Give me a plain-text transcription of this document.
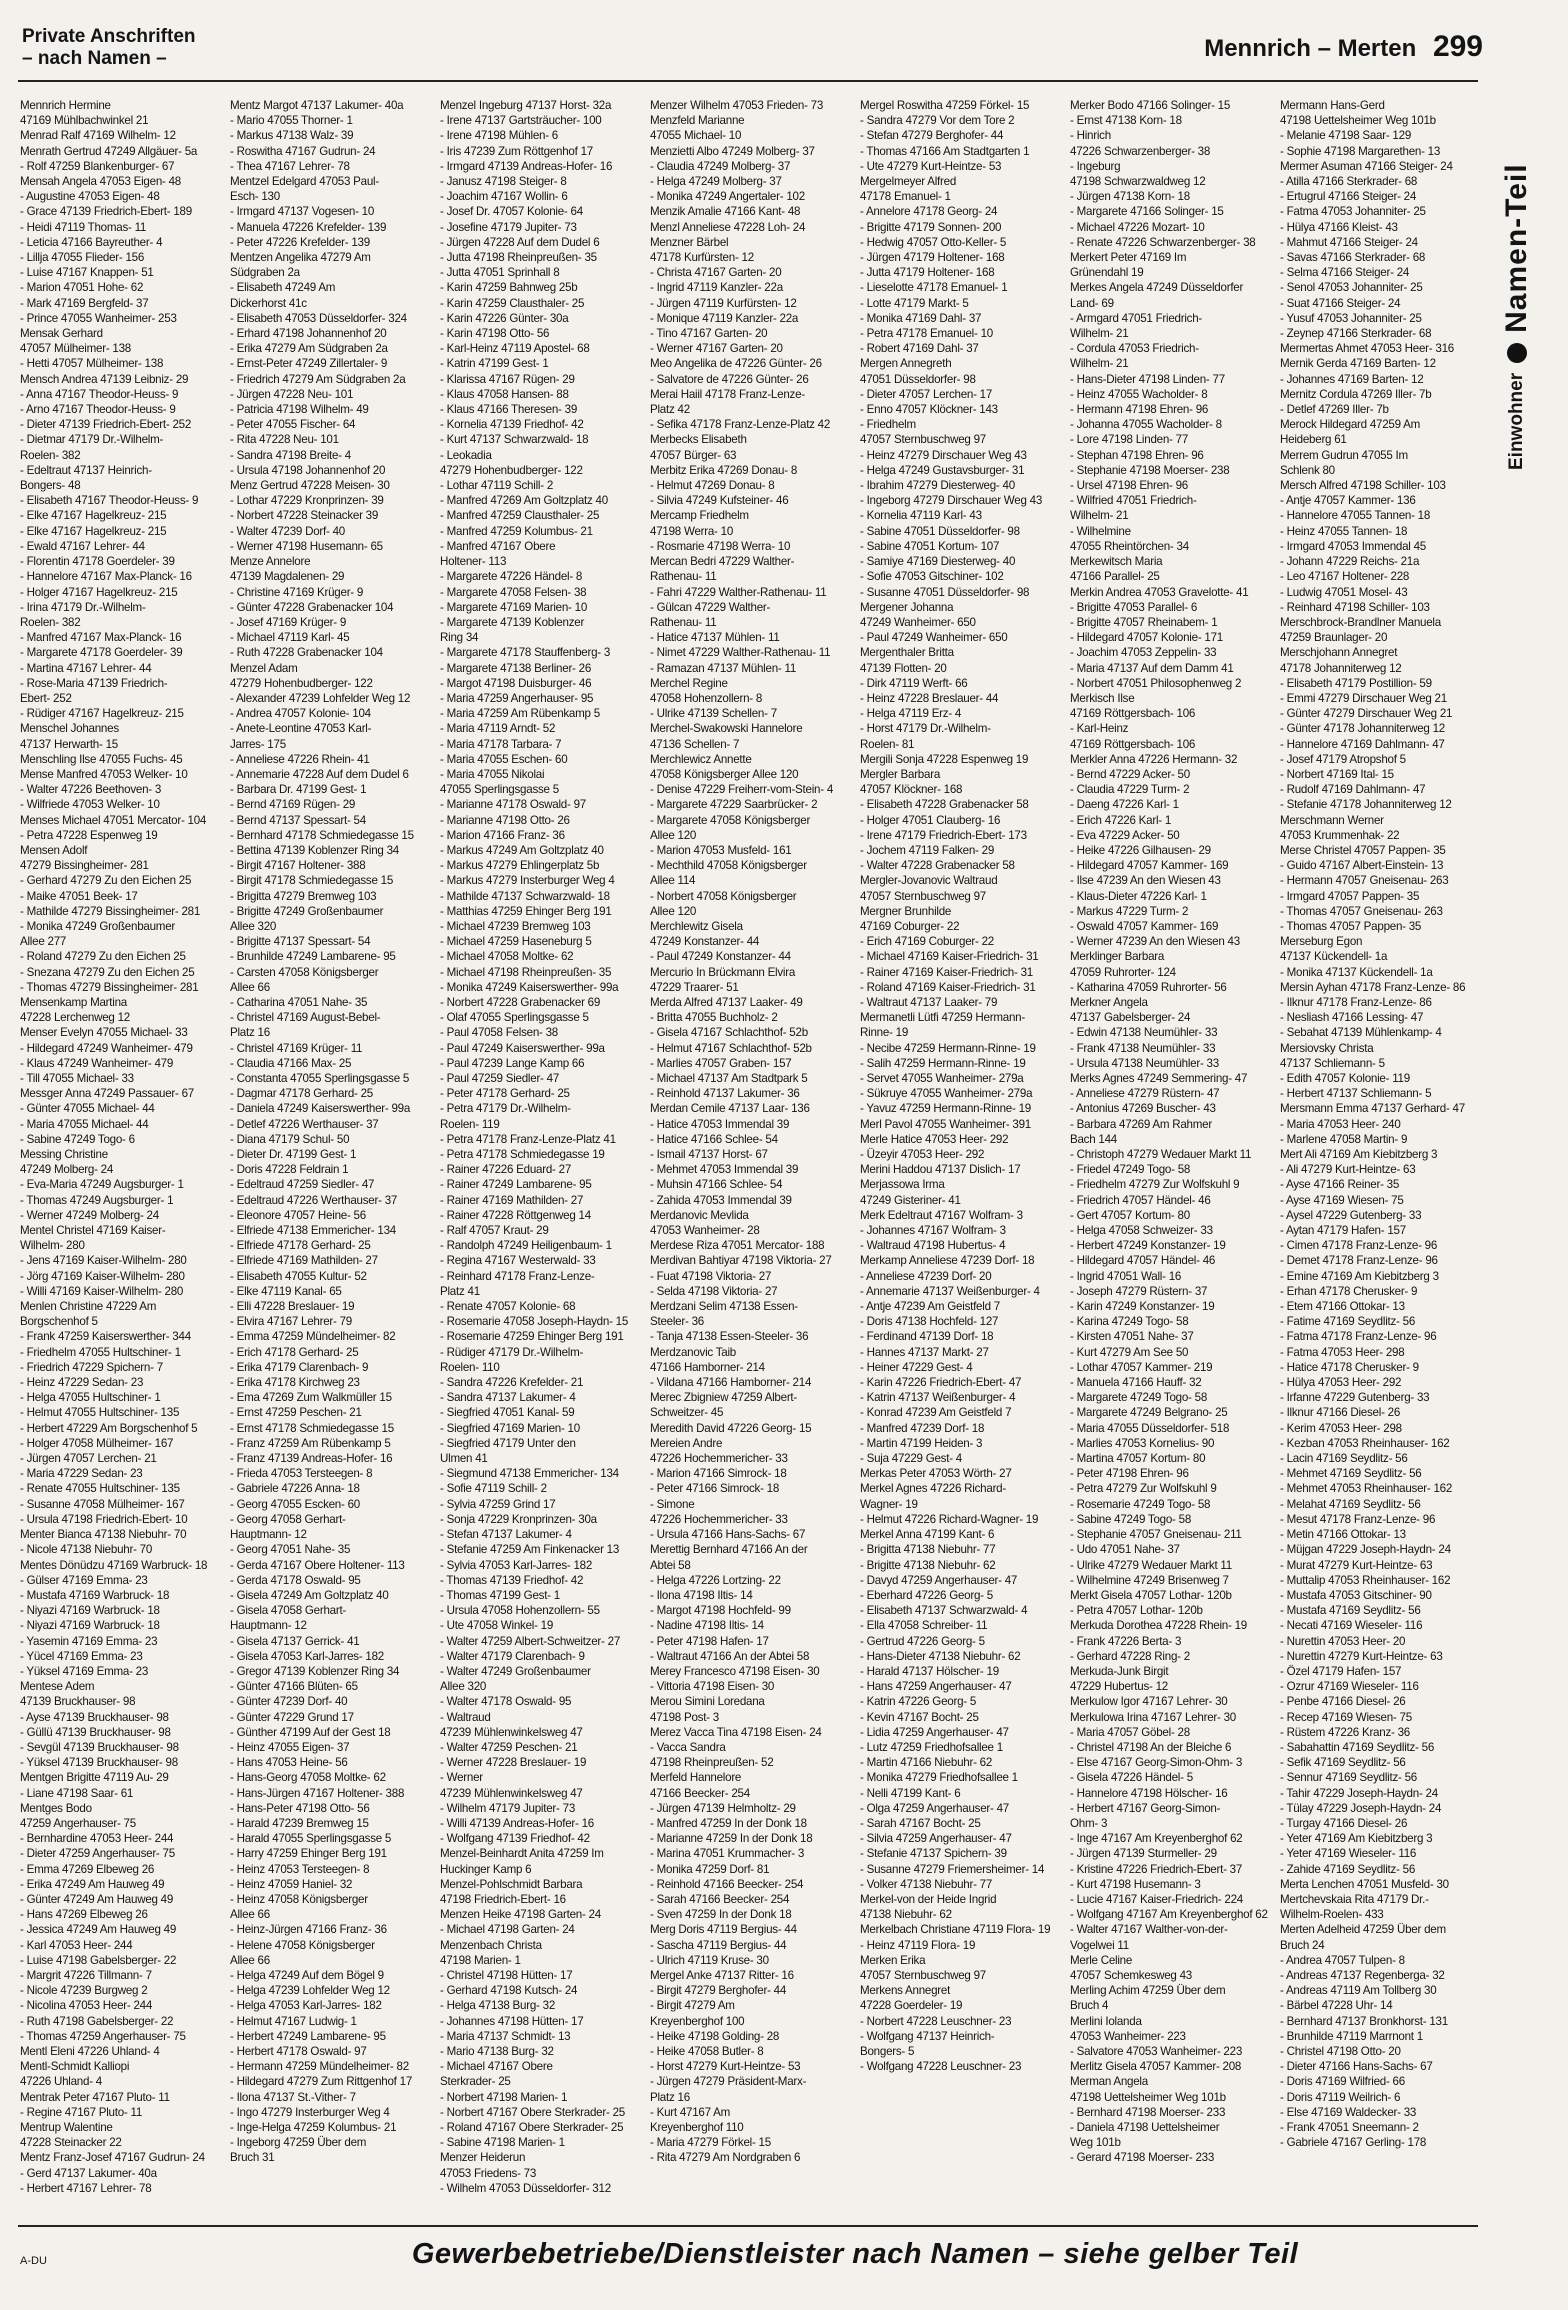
Private Anschriften
– nach Namen –	Mennrich – Merten 299
Mennrich Hermine
47169 Mühlbachwinkel 21
Menrad Ralf 47169 Wilhelm- 12
Menrath Gertrud 47249 Allgäuer- 5a
- Rolf 47259 Blankenburger- 67
Mensah Angela 47053 Eigen- 48
- Augustine 47053 Eigen- 48
- Grace 47139 Friedrich-Ebert- 189
- Heidi 47119 Thomas- 11
- Leticia 47166 Bayreuther- 4
- Lillja 47055 Flieder- 156
- Luise 47167 Knappen- 51
- Marion 47051 Hohe- 62
- Mark 47169 Bergfeld- 37
- Prince 47055 Wanheimer- 253
Mensak Gerhard
47057 Mülheimer- 138
- Hetti 47057 Mülheimer- 138
Mensch Andrea 47139 Leibniz- 29
- Anna 47167 Theodor-Heuss- 9
- Arno 47167 Theodor-Heuss- 9
- Dieter 47139 Friedrich-Ebert- 252
- Dietmar 47179 Dr.-Wilhelm-
Roelen- 382
- Edeltraut 47137 Heinrich-
Bongers- 48
- Elisabeth 47167 Theodor-Heuss- 9
- Elke 47167 Hagelkreuz- 215
- Elke 47167 Hagelkreuz- 215
- Ewald 47167 Lehrer- 44
- Florentin 47178 Goerdeler- 39
- Hannelore 47167 Max-Planck- 16
- Holger 47167 Hagelkreuz- 215
- Irina 47179 Dr.-Wilhelm-
Roelen- 382
- Manfred 47167 Max-Planck- 16
- Margarete 47178 Goerdeler- 39
- Martina 47167 Lehrer- 44
- Rose-Maria 47139 Friedrich-
Ebert- 252
- Rüdiger 47167 Hagelkreuz- 215
Menschel Johannes
47137 Herwarth- 15
Menschling Ilse 47055 Fuchs- 45
Mense Manfred 47053 Welker- 10
- Walter 47226 Beethoven- 3
- Wilfriede 47053 Welker- 10
Menses Michael 47051 Mercator- 104
- Petra 47228 Espenweg 19
Mensen Adolf
47279 Bissingheimer- 281
- Gerhard 47279 Zu den Eichen 25
- Maike 47051 Beek- 17
- Mathilde 47279 Bissingheimer- 281
- Monika 47249 Großenbaumer
Allee 277
- Roland 47279 Zu den Eichen 25
- Snezana 47279 Zu den Eichen 25
- Thomas 47279 Bissingheimer- 281
Mensenkamp Martina
47228 Lerchenweg 12
Menser Evelyn 47055 Michael- 33
- Hildegard 47249 Wanheimer- 479
- Klaus 47249 Wanheimer- 479
- Till 47055 Michael- 33
Messger Anna 47249 Passauer- 67
- Günter 47055 Michael- 44
- Maria 47055 Michael- 44
- Sabine 47249 Togo- 6
Messing Christine
47249 Molberg- 24
- Eva-Maria 47249 Augsburger- 1
- Thomas 47249 Augsburger- 1
- Werner 47249 Molberg- 24
Mentel Christel 47169 Kaiser-
Wilhelm- 280
- Jens 47169 Kaiser-Wilhelm- 280
- Jörg 47169 Kaiser-Wilhelm- 280
- Willi 47169 Kaiser-Wilhelm- 280
Menlen Christine 47229 Am
Borgschenhof 5
- Frank 47259 Kaiserswerther- 344
- Friedhelm 47055 Hultschiner- 1
- Friedrich 47229 Spichern- 7
- Heinz 47229 Sedan- 23
- Helga 47055 Hultschiner- 1
- Helmut 47055 Hultschiner- 135
- Herbert 47229 Am Borgschenhof 5
- Holger 47058 Mülheimer- 167
- Jürgen 47057 Lerchen- 21
- Maria 47229 Sedan- 23
- Renate 47055 Hultschiner- 135
- Susanne 47058 Mülheimer- 167
- Ursula 47198 Friedrich-Ebert- 10
Menter Bianca 47138 Niebuhr- 70
- Nicole 47138 Niebuhr- 70
Mentes Dönüdzu 47169 Warbruck- 18
- Gülser 47169 Emma- 23
- Mustafa 47169 Warbruck- 18
- Niyazi 47169 Warbruck- 18
- Niyazi 47169 Warbruck- 18
- Yasemin 47169 Emma- 23
- Yücel 47169 Emma- 23
- Yüksel 47169 Emma- 23
Mentese Adem
47139 Bruckhauser- 98
- Ayse 47139 Bruckhauser- 98
- Güllü 47139 Bruckhauser- 98
- Sevgül 47139 Bruckhauser- 98
- Yüksel 47139 Bruckhauser- 98
Mentgen Brigitte 47119 Au- 29
- Liane 47198 Saar- 61
Mentges Bodo
47259 Angerhauser- 75
- Bernhardine 47053 Heer- 244
- Dieter 47259 Angerhauser- 75
- Emma 47269 Elbeweg 26
- Erika 47249 Am Hauweg 49
- Günter 47249 Am Hauweg 49
- Hans 47269 Elbeweg 26
- Jessica 47249 Am Hauweg 49
- Karl 47053 Heer- 244
- Luise 47198 Gabelsberger- 22
- Margrit 47226 Tillmann- 7
- Nicole 47239 Burgweg 2
- Nicolina 47053 Heer- 244
- Ruth 47198 Gabelsberger- 22
- Thomas 47259 Angerhauser- 75
Mentl Eleni 47226 Uhland- 4
Mentl-Schmidt Kalliopi
47226 Uhland- 4
Mentrak Peter 47167 Pluto- 11
- Regine 47167 Pluto- 11
Mentrup Walentine
47228 Steinacker 22
Mentz Franz-Josef 47167 Gudrun- 24
- Gerd 47137 Lakumer- 40a
- Herbert 47167 Lehrer- 78
Mentz Margot 47137 Lakumer- 40a
- Mario 47055 Thorner- 1
- Markus 47138 Walz- 39
- Roswitha 47167 Gudrun- 24
- Thea 47167 Lehrer- 78
Mentzel Edelgard 47053 Paul-
Esch- 130
- Irmgard 47137 Vogesen- 10
- Manuela 47226 Krefelder- 139
- Peter 47226 Krefelder- 139
Mentzen Angelika 47279 Am
Südgraben 2a
- Elisabeth 47249 Am
Dickerhorst 41c
- Elisabeth 47053 Düsseldorfer- 324
- Erhard 47198 Johannenhof 20
- Erika 47279 Am Südgraben 2a
- Ernst-Peter 47249 Zillertaler- 9
- Friedrich 47279 Am Südgraben 2a
- Jürgen 47228 Neu- 101
- Patricia 47198 Wilhelm- 49
- Peter 47055 Fischer- 64
- Rita 47228 Neu- 101
- Sandra 47198 Breite- 4
- Ursula 47198 Johannenhof 20
Menz Gertrud 47228 Meisen- 30
- Lothar 47229 Kronprinzen- 39
- Norbert 47228 Steinacker 39
- Walter 47239 Dorf- 40
- Werner 47198 Husemann- 65
Menze Annelore
47139 Magdalenen- 29
- Christine 47169 Krüger- 9
- Günter 47228 Grabenacker 104
- Josef 47169 Krüger- 9
- Michael 47119 Karl- 45
- Ruth 47228 Grabenacker 104
Menzel Adam
47279 Hohenbudberger- 122
- Alexander 47239 Lohfelder Weg 12
- Andrea 47057 Kolonie- 104
- Anete-Leontine 47053 Karl-
Jarres- 175
- Anneliese 47226 Rhein- 41
- Annemarie 47228 Auf dem Dudel 6
- Barbara Dr. 47199 Gest- 1
- Bernd 47169 Rügen- 29
- Bernd 47137 Spessart- 54
- Bernhard 47178 Schmiedegasse 15
- Bettina 47139 Koblenzer Ring 34
- Birgit 47167 Holtener- 388
- Birgit 47178 Schmiedegasse 15
- Brigitta 47279 Bremweg 103
- Brigitte 47249 Großenbaumer
Allee 320
- Brigitte 47137 Spessart- 54
- Brunhilde 47249 Lambarene- 95
- Carsten 47058 Königsberger
Allee 66
- Catharina 47051 Nahe- 35
- Christel 47169 August-Bebel-
Platz 16
- Christel 47169 Krüger- 11
- Claudia 47166 Max- 25
- Constanta 47055 Sperlingsgasse 5
- Dagmar 47178 Gerhard- 25
- Daniela 47249 Kaiserswerther- 99a
- Detlef 47226 Werthauser- 37
- Diana 47179 Schul- 50
- Dieter Dr. 47199 Gest- 1
- Doris 47228 Feldrain 1
- Edeltraud 47259 Siedler- 47
- Edeltraud 47226 Werthauser- 37
- Eleonore 47057 Heine- 56
- Elfriede 47138 Emmericher- 134
- Elfriede 47178 Gerhard- 25
- Elfriede 47169 Mathilden- 27
- Elisabeth 47055 Kultur- 52
- Elke 47119 Kanal- 65
- Elli 47228 Breslauer- 19
- Elvira 47167 Lehrer- 79
- Emma 47259 Mündelheimer- 82
- Erich 47178 Gerhard- 25
- Erika 47179 Clarenbach- 9
- Erika 47178 Kirchweg 23
- Ema 47269 Zum Walkmüller 15
- Ernst 47259 Peschen- 21
- Ernst 47178 Schmiedegasse 15
- Franz 47259 Am Rübenkamp 5
- Franz 47139 Andreas-Hofer- 16
- Frieda 47053 Tersteegen- 8
- Gabriele 47226 Anna- 18
- Georg 47055 Escken- 60
- Georg 47058 Gerhart-
Hauptmann- 12
- Georg 47051 Nahe- 35
- Gerda 47167 Obere Holtener- 113
- Gerda 47178 Oswald- 95
- Gisela 47249 Am Goltzplatz 40
- Gisela 47058 Gerhart-
Hauptmann- 12
- Gisela 47137 Gerrick- 41
- Gisela 47053 Karl-Jarres- 182
- Gregor 47139 Koblenzer Ring 34
- Günter 47166 Blüten- 65
- Günter 47239 Dorf- 40
- Günter 47229 Grund 17
- Günther 47199 Auf der Gest 18
- Heinz 47055 Eigen- 37
- Hans 47053 Heine- 56
- Hans-Georg 47058 Moltke- 62
- Hans-Jürgen 47167 Holtener- 388
- Hans-Peter 47198 Otto- 56
- Harald 47239 Bremweg 15
- Harald 47055 Sperlingsgasse 5
- Harry 47259 Ehinger Berg 191
- Heinz 47053 Tersteegen- 8
- Heinz 47059 Haniel- 32
- Heinz 47058 Königsberger
Allee 66
- Heinz-Jürgen 47166 Franz- 36
- Helene 47058 Königsberger
Allee 66
- Helga 47249 Auf dem Bögel 9
- Helga 47239 Lohfelder Weg 12
- Helga 47053 Karl-Jarres- 182
- Helmut 47167 Ludwig- 1
- Herbert 47249 Lambarene- 95
- Herbert 47178 Oswald- 97
- Hermann 47259 Mündelheimer- 82
- Hildegard 47279 Zum Rittgenhof 17
- Ilona 47137 St.-Vither- 7
- Ingo 47279 Insterburger Weg 4
- Inge-Helga 47259 Kolumbus- 21
- Ingeborg 47259 Über dem
Bruch 31
Menzel Ingeburg 47137 Horst- 32a
- Irene 47137 Gartsträucher- 100
- Irene 47198 Mühlen- 6
- Iris 47239 Zum Röttgenhof 17
- Irmgard 47139 Andreas-Hofer- 16
- Janusz 47198 Steiger- 8
- Joachim 47167 Wollin- 6
- Josef Dr. 47057 Kolonie- 64
- Josefine 47179 Jupiter- 73
- Jürgen 47228 Auf dem Dudel 6
- Jutta 47198 Rheinpreußen- 35
- Jutta 47051 Sprinhall 8
- Karin 47259 Bahnweg 25b
- Karin 47259 Clausthaler- 25
- Karin 47226 Günter- 30a
- Karin 47198 Otto- 56
- Karl-Heinz 47119 Apostel- 68
- Katrin 47199 Gest- 1
- Klarissa 47167 Rügen- 29
- Klaus 47058 Hansen- 88
- Klaus 47166 Theresen- 39
- Kornelia 47139 Friedhof- 42
- Kurt 47137 Schwarzwald- 18
- Leokadia
47279 Hohenbudberger- 122
- Lothar 47119 Schill- 2
- Manfred 47269 Am Goltzplatz 40
- Manfred 47259 Clausthaler- 25
- Manfred 47259 Kolumbus- 21
- Manfred 47167 Obere
Holtener- 113
- Margarete 47226 Händel- 8
- Margarete 47058 Felsen- 38
- Margarete 47169 Marien- 10
- Margarete 47139 Koblenzer
Ring 34
- Margarete 47178 Stauffenberg- 3
- Margarete 47138 Berliner- 26
- Margot 47198 Duisburger- 46
- Maria 47259 Angerhauser- 95
- Maria 47259 Am Rübenkamp 5
- Maria 47119 Arndt- 52
- Maria 47178 Tarbara- 7
- Maria 47055 Eschen- 60
- Maria 47055 Nikolai
47055 Sperlingsgasse 5
- Marianne 47178 Oswald- 97
- Marianne 47198 Otto- 26
- Marion 47166 Franz- 36
- Markus 47249 Am Goltzplatz 40
- Markus 47279 Ehlingerplatz 5b
- Markus 47279 Insterburger Weg 4
- Mathilde 47137 Schwarzwald- 18
- Matthias 47259 Ehinger Berg 191
- Michael 47239 Bremweg 103
- Michael 47259 Haseneburg 5
- Michael 47058 Moltke- 62
- Michael 47198 Rheinpreußen- 35
- Monika 47249 Kaiserswerther- 99a
- Norbert 47228 Grabenacker 69
- Olaf 47055 Sperlingsgasse 5
- Paul 47058 Felsen- 38
- Paul 47249 Kaiserswerther- 99a
- Paul 47239 Lange Kamp 66
- Paul 47259 Siedler- 47
- Peter 47178 Gerhard- 25
- Petra 47179 Dr.-Wilhelm-
Roelen- 119
- Petra 47178 Franz-Lenze-Platz 41
- Petra 47178 Schmiedegasse 19
- Rainer 47226 Eduard- 27
- Rainer 47249 Lambarene- 95
- Rainer 47169 Mathilden- 27
- Rainer 47228 Röttgenweg 14
- Ralf 47057 Kraut- 29
- Randolph 47249 Heiligenbaum- 1
- Regina 47167 Westerwald- 33
- Reinhard 47178 Franz-Lenze-
Platz 41
- Renate 47057 Kolonie- 68
- Rosemarie 47058 Joseph-Haydn- 15
- Rosemarie 47259 Ehinger Berg 191
- Rüdiger 47179 Dr.-Wilhelm-
Roelen- 110
- Sandra 47226 Krefelder- 21
- Sandra 47137 Lakumer- 4
- Siegfried 47051 Kanal- 59
- Siegfried 47169 Marien- 10
- Siegfried 47179 Unter den
Ulmen 41
- Siegmund 47138 Emmericher- 134
- Sofie 47119 Schill- 2
- Sylvia 47259 Grind 17
- Sonja 47229 Kronprinzen- 30a
- Stefan 47137 Lakumer- 4
- Stefanie 47259 Am Finkenacker 13
- Sylvia 47053 Karl-Jarres- 182
- Thomas 47139 Friedhof- 42
- Thomas 47199 Gest- 1
- Ursula 47058 Hohenzollern- 55
- Ute 47058 Winkel- 19
- Walter 47259 Albert-Schweitzer- 27
- Walter 47179 Clarenbach- 9
- Walter 47249 Großenbaumer
Allee 320
- Walter 47178 Oswald- 95
- Waltraud
47239 Mühlenwinkelsweg 47
- Walter 47259 Peschen- 21
- Werner 47228 Breslauer- 19
- Werner
47239 Mühlenwinkelsweg 47
- Wilhelm 47179 Jupiter- 73
- Willi 47139 Andreas-Hofer- 16
- Wolfgang 47139 Friedhof- 42
Menzel-Beinhardt Anita 47259 Im
Huckinger Kamp 6
Menzel-Pohlschmidt Barbara
47198 Friedrich-Ebert- 16
Menzen Heike 47198 Garten- 24
- Michael 47198 Garten- 24
Menzenbach Christa
47198 Marien- 1
- Christel 47198 Hütten- 17
- Gerhard 47198 Kutsch- 24
- Helga 47138 Burg- 32
- Johannes 47198 Hütten- 17
- Maria 47137 Schmidt- 13
- Mario 47138 Burg- 32
- Michael 47167 Obere
Sterkrader- 25
- Norbert 47198 Marien- 1
- Norbert 47167 Obere Sterkrader- 25
- Roland 47167 Obere Sterkrader- 25
- Sabine 47198 Marien- 1
Menzer Heiderun
47053 Friedens- 73
- Wilhelm 47053 Düsseldorfer- 312
Menzer Wilhelm 47053 Frieden- 73
Menzfeld Marianne
47055 Michael- 10
Menzietti Albo 47249 Molberg- 37
- Claudia 47249 Molberg- 37
- Helga 47249 Molberg- 37
- Monika 47249 Angertaler- 102
Menzik Amalie 47166 Kant- 48
Menzl Anneliese 47228 Loh- 24
Menzner Bärbel
47178 Kurfürsten- 12
- Christa 47167 Garten- 20
- Ingrid 47119 Kanzler- 22a
- Jürgen 47119 Kurfürsten- 12
- Monique 47119 Kanzler- 22a
- Tino 47167 Garten- 20
- Werner 47167 Garten- 20
Meo Angelika de 47226 Günter- 26
- Salvatore de 47226 Günter- 26
Merai Haiil 47178 Franz-Lenze-
Platz 42
- Sefika 47178 Franz-Lenze-Platz 42
Merbecks Elisabeth
47057 Bürger- 63
Merbitz Erika 47269 Donau- 8
- Helmut 47269 Donau- 8
- Silvia 47249 Kufsteiner- 46
Mercamp Friedhelm
47198 Werra- 10
- Rosmarie 47198 Werra- 10
Mercan Bedri 47229 Walther-
Rathenau- 11
- Fahri 47229 Walther-Rathenau- 11
- Gülcan 47229 Walther-
Rathenau- 11
- Hatice 47137 Mühlen- 11
- Nimet 47229 Walther-Rathenau- 11
- Ramazan 47137 Mühlen- 11
Merchel Regine
47058 Hohenzollern- 8
- Ulrike 47139 Schellen- 7
Merchel-Swakowski Hannelore
47136 Schellen- 7
Merchlewicz Annette
47058 Königsberger Allee 120
- Denise 47229 Freiherr-vom-Stein- 4
- Margarete 47229 Saarbrücker- 2
- Margarete 47058 Königsberger
Allee 120
- Marion 47053 Musfeld- 161
- Mechthild 47058 Königsberger
Allee 114
- Norbert 47058 Königsberger
Allee 120
Merchlewitz Gisela
47249 Konstanzer- 44
- Paul 47249 Konstanzer- 44
Mercurio In Brückmann Elvira
47229 Traarer- 51
Merda Alfred 47137 Laaker- 49
- Britta 47055 Buchholz- 2
- Gisela 47167 Schlachthof- 52b
- Helmut 47167 Schlachthof- 52b
- Marlies 47057 Graben- 157
- Michael 47137 Am Stadtpark 5
- Reinhold 47137 Lakumer- 36
Merdan Cemile 47137 Laar- 136
- Hatice 47053 Immendal 39
- Hatice 47166 Schlee- 54
- Ismail 47137 Horst- 67
- Mehmet 47053 Immendal 39
- Muhsin 47166 Schlee- 54
- Zahida 47053 Immendal 39
Merdanovic Mevlida
47053 Wanheimer- 28
Merdese Riza 47051 Mercator- 188
Merdivan Bahtiyar 47198 Viktoria- 27
- Fuat 47198 Viktoria- 27
- Selda 47198 Viktoria- 27
Merdzani Selim 47138 Essen-
Steeler- 36
- Tanja 47138 Essen-Steeler- 36
Merdzanovic Taib
47166 Hamborner- 214
- Vildana 47166 Hamborner- 214
Merec Zbigniew 47259 Albert-
Schweitzer- 45
Meredith David 47226 Georg- 15
Mereien Andre
47226 Hochemmericher- 33
- Marion 47166 Simrock- 18
- Peter 47166 Simrock- 18
- Simone
47226 Hochemmericher- 33
- Ursula 47166 Hans-Sachs- 67
Merettig Bernhard 47166 An der
Abtei 58
- Helga 47226 Lortzing- 22
- Ilona 47198 Iltis- 14
- Margot 47198 Hochfeld- 99
- Nadine 47198 Iltis- 14
- Peter 47198 Hafen- 17
- Waltraut 47166 An der Abtei 58
Merey Francesco 47198 Eisen- 30
- Vittoria 47198 Eisen- 30
Merou Simini Loredana
47198 Post- 3
Merez Vacca Tina 47198 Eisen- 24
- Vacca Sandra
47198 Rheinpreußen- 52
Merfeld Hannelore
47166 Beecker- 254
- Jürgen 47139 Helmholtz- 29
- Manfred 47259 In der Donk 18
- Marianne 47259 In der Donk 18
- Marina 47051 Krummacher- 3
- Monika 47259 Dorf- 81
- Reinhold 47166 Beecker- 254
- Sarah 47166 Beecker- 254
- Sven 47259 In der Donk 18
Merg Doris 47119 Bergius- 44
- Sascha 47119 Bergius- 44
- Ulrich 47119 Kruse- 30
Mergel Anke 47137 Ritter- 16
- Birgit 47279 Berghofer- 44
- Birgit 47279 Am
Kreyenberghof 100
- Heike 47198 Golding- 28
- Heike 47058 Butler- 8
- Horst 47279 Kurt-Heintze- 53
- Jürgen 47279 Präsident-Marx-
Platz 16
- Kurt 47167 Am
Kreyenberghof 110
- Maria 47279 Förkel- 15
- Rita 47279 Am Nordgraben 6
Mergel Roswitha 47259 Förkel- 15
- Sandra 47279 Vor dem Tore 2
- Stefan 47279 Berghofer- 44
- Thomas 47166 Am Stadtgarten 1
- Ute 47279 Kurt-Heintze- 53
Mergelmeyer Alfred
47178 Emanuel- 1
- Annelore 47178 Georg- 24
- Brigitte 47179 Sonnen- 200
- Hedwig 47057 Otto-Keller- 5
- Jürgen 47179 Holtener- 168
- Jutta 47179 Holtener- 168
- Lieselotte 47178 Emanuel- 1
- Lotte 47179 Markt- 5
- Monika 47169 Dahl- 37
- Petra 47178 Emanuel- 10
- Robert 47169 Dahl- 37
Mergen Annegreth
47051 Düsseldorfer- 98
- Dieter 47057 Lerchen- 17
- Enno 47057 Klöckner- 143
- Friedhelm
47057 Sternbuschweg 97
- Heinz 47279 Dirschauer Weg 43
- Helga 47249 Gustavsburger- 31
- Ibrahim 47279 Diesterweg- 40
- Ingeborg 47279 Dirschauer Weg 43
- Kornelia 47119 Karl- 43
- Sabine 47051 Düsseldorfer- 98
- Sabine 47051 Kortum- 107
- Samiye 47169 Diesterweg- 40
- Sofie 47053 Gitschiner- 102
- Susanne 47051 Düsseldorfer- 98
Mergener Johanna
47249 Wanheimer- 650
- Paul 47249 Wanheimer- 650
Mergenthaler Britta
47139 Flotten- 20
- Dirk 47119 Werft- 66
- Heinz 47228 Breslauer- 44
- Helga 47119 Erz- 4
- Horst 47179 Dr.-Wilhelm-
Roelen- 81
Mergili Sonja 47228 Espenweg 19
Mergler Barbara
47057 Klöckner- 168
- Elisabeth 47228 Grabenacker 58
- Holger 47051 Clauberg- 16
- Irene 47179 Friedrich-Ebert- 173
- Jochem 47119 Falken- 29
- Walter 47228 Grabenacker 58
Mergler-Jovanovic Waltraud
47057 Sternbuschweg 97
Mergner Brunhilde
47169 Coburger- 22
- Erich 47169 Coburger- 22
- Michael 47169 Kaiser-Friedrich- 31
- Rainer 47169 Kaiser-Friedrich- 31
- Roland 47169 Kaiser-Friedrich- 31
- Waltraut 47137 Laaker- 79
Mermanetli Lütfi 47259 Hermann-
Rinne- 19
- Necibe 47259 Hermann-Rinne- 19
- Salih 47259 Hermann-Rinne- 19
- Servet 47055 Wanheimer- 279a
- Sükruye 47055 Wanheimer- 279a
- Yavuz 47259 Hermann-Rinne- 19
Merl Pavol 47055 Wanheimer- 391
Merle Hatice 47053 Heer- 292
- Üzeyir 47053 Heer- 292
Merini Haddou 47137 Dislich- 17
Merjassowa Irma
47249 Gisteriner- 41
Merk Edeltraut 47167 Wolfram- 3
- Johannes 47167 Wolfram- 3
- Waltraud 47198 Hubertus- 4
Merkamp Anneliese 47239 Dorf- 18
- Anneliese 47239 Dorf- 20
- Annemarie 47137 Weißenburger- 4
- Antje 47239 Am Geistfeld 7
- Doris 47138 Hochfeld- 127
- Ferdinand 47139 Dorf- 18
- Hannes 47137 Markt- 27
- Heiner 47229 Gest- 4
- Karin 47226 Friedrich-Ebert- 47
- Katrin 47137 Weißenburger- 4
- Konrad 47239 Am Geistfeld 7
- Manfred 47239 Dorf- 18
- Martin 47199 Heiden- 3
- Suja 47229 Gest- 4
Merkas Peter 47053 Wörth- 27
Merkel Agnes 47226 Richard-
Wagner- 19
- Helmut 47226 Richard-Wagner- 19
Merkel Anna 47199 Kant- 6
- Brigitta 47138 Niebuhr- 77
- Brigitte 47138 Niebuhr- 62
- Davyd 47259 Angerhauser- 47
- Eberhard 47226 Georg- 5
- Elisabeth 47137 Schwarzwald- 4
- Ella 47058 Schreiber- 11
- Gertrud 47226 Georg- 5
- Hans-Dieter 47138 Niebuhr- 62
- Harald 47137 Hölscher- 19
- Hans 47259 Angerhauser- 47
- Katrin 47226 Georg- 5
- Kevin 47167 Bocht- 25
- Lidia 47259 Angerhauser- 47
- Lutz 47259 Friedhofsallee 1
- Martin 47166 Niebuhr- 62
- Monika 47279 Friedhofsallee 1
- Nelli 47199 Kant- 6
- Olga 47259 Angerhauser- 47
- Sarah 47167 Bocht- 25
- Silvia 47259 Angerhauser- 47
- Stefanie 47137 Spichern- 39
- Susanne 47279 Friemersheimer- 14
- Volker 47138 Niebuhr- 77
Merkel-von der Heide Ingrid
47138 Niebuhr- 62
Merkelbach Christiane 47119 Flora- 19
- Heinz 47119 Flora- 19
Merken Erika
47057 Sternbuschweg 97
Merkens Annegret
47228 Goerdeler- 19
- Norbert 47228 Leuschner- 23
- Wolfgang 47137 Heinrich-
Bongers- 5
- Wolfgang 47228 Leuschner- 23
Merker Bodo 47166 Solinger- 15
- Ernst 47138 Korn- 18
- Hinrich
47226 Schwarzenberger- 38
- Ingeburg
47198 Schwarzwaldweg 12
- Jürgen 47138 Korn- 18
- Margarete 47166 Solinger- 15
- Michael 47226 Mozart- 10
- Renate 47226 Schwarzenberger- 38
Merkert Peter 47169 Im
Grünendahl 19
Merkes Angela 47249 Düsseldorfer
Land- 69
- Armgard 47051 Friedrich-
Wilhelm- 21
- Cordula 47053 Friedrich-
Wilhelm- 21
- Hans-Dieter 47198 Linden- 77
- Heinz 47055 Wacholder- 8
- Hermann 47198 Ehren- 96
- Johanna 47055 Wacholder- 8
- Lore 47198 Linden- 77
- Stephan 47198 Ehren- 96
- Stephanie 47198 Moerser- 238
- Ursel 47198 Ehren- 96
- Wilfried 47051 Friedrich-
Wilhelm- 21
- Wilhelmine
47055 Rheintörchen- 34
Merkewitsch Maria
47166 Parallel- 25
Merkin Andrea 47053 Gravelotte- 41
- Brigitte 47053 Parallel- 6
- Brigitte 47057 Rheinabem- 1
- Hildegard 47057 Kolonie- 171
- Joachim 47053 Zeppelin- 33
- Maria 47137 Auf dem Damm 41
- Norbert 47051 Philosophenweg 2
Merkisch Ilse
47169 Röttgersbach- 106
- Karl-Heinz
47169 Röttgersbach- 106
Merkler Anna 47226 Hermann- 32
- Bernd 47229 Acker- 50
- Claudia 47229 Turm- 2
- Daeng 47226 Karl- 1
- Erich 47226 Karl- 1
- Eva 47229 Acker- 50
- Heike 47226 Gilhausen- 29
- Hildegard 47057 Kammer- 169
- Ilse 47239 An den Wiesen 43
- Klaus-Dieter 47226 Karl- 1
- Markus 47229 Turm- 2
- Oswald 47057 Kammer- 169
- Werner 47239 An den Wiesen 43
Merklinger Barbara
47059 Ruhrorter- 124
- Katharina 47059 Ruhrorter- 56
Merkner Angela
47137 Gabelsberger- 24
- Edwin 47138 Neumühler- 33
- Frank 47138 Neumühler- 33
- Ursula 47138 Neumühler- 33
Merks Agnes 47249 Semmering- 47
- Anneliese 47279 Rüstern- 47
- Antonius 47269 Buscher- 43
- Barbara 47269 Am Rahmer
Bach 144
- Christoph 47279 Wedauer Markt 11
- Friedel 47249 Togo- 58
- Friedhelm 47279 Zur Wolfskuhl 9
- Friedrich 47057 Händel- 46
- Gert 47057 Kortum- 80
- Helga 47058 Schweizer- 33
- Herbert 47249 Konstanzer- 19
- Hildegard 47057 Händel- 46
- Ingrid 47051 Wall- 16
- Joseph 47279 Rüstern- 37
- Karin 47249 Konstanzer- 19
- Karina 47249 Togo- 58
- Kirsten 47051 Nahe- 37
- Kurt 47279 Am See 50
- Lothar 47057 Kammer- 219
- Manuela 47166 Hauff- 32
- Margarete 47249 Togo- 58
- Margarete 47249 Belgrano- 25
- Maria 47055 Düsseldorfer- 518
- Marlies 47053 Kornelius- 90
- Martina 47057 Kortum- 80
- Peter 47198 Ehren- 96
- Petra 47279 Zur Wolfskuhl 9
- Rosemarie 47249 Togo- 58
- Sabine 47249 Togo- 58
- Stephanie 47057 Gneisenau- 211
- Udo 47051 Nahe- 37
- Ulrike 47279 Wedauer Markt 11
- Wilhelmine 47249 Brisenweg 7
Merkt Gisela 47057 Lothar- 120b
- Petra 47057 Lothar- 120b
Merkuda Dorothea 47228 Rhein- 19
- Frank 47226 Berta- 3
- Gerhard 47228 Ring- 2
Merkuda-Junk Birgit
47229 Hubertus- 12
Merkulow Igor 47167 Lehrer- 30
Merkulowa Irina 47167 Lehrer- 30
- Maria 47057 Göbel- 28
- Christel 47198 An der Bleiche 6
- Else 47167 Georg-Simon-Ohm- 3
- Gisela 47226 Händel- 5
- Hannelore 47198 Hölscher- 16
- Herbert 47167 Georg-Simon-
Ohm- 3
- Inge 47167 Am Kreyenberghof 62
- Jürgen 47139 Sturmeller- 29
- Kristine 47226 Friedrich-Ebert- 37
- Kurt 47198 Husemann- 3
- Lucie 47167 Kaiser-Friedrich- 224
- Wolfgang 47167 Am Kreyenberghof 62
- Walter 47167 Walther-von-der-
Vogelwei 11
Merle Celine
47057 Schemkesweg 43
Merling Achim 47259 Über dem
Bruch 4
Merlini Iolanda
47053 Wanheimer- 223
- Salvatore 47053 Wanheimer- 223
Merlitz Gisela 47057 Kammer- 208
Merman Angela
47198 Uettelsheimer Weg 101b
- Bernhard 47198 Moerser- 233
- Daniela 47198 Uettelsheimer
Weg 101b
- Gerard 47198 Moerser- 233
Mermann Hans-Gerd
47198 Uettelsheimer Weg 101b
- Melanie 47198 Saar- 129
- Sophie 47198 Margarethen- 13
Mermer Asuman 47166 Steiger- 24
- Atilla 47166 Sterkrader- 68
- Ertugrul 47166 Steiger- 24
- Fatma 47053 Johanniter- 25
- Hülya 47166 Kleist- 43
- Mahmut 47166 Steiger- 24
- Savas 47166 Sterkrader- 68
- Selma 47166 Steiger- 24
- Senol 47053 Johanniter- 25
- Suat 47166 Steiger- 24
- Yusuf 47053 Johanniter- 25
- Zeynep 47166 Sterkrader- 68
Mermertas Ahmet 47053 Heer- 316
Mernik Gerda 47169 Barten- 12
- Johannes 47169 Barten- 12
Mernitz Cordula 47269 Iller- 7b
- Detlef 47269 Iller- 7b
Merock Hildegard 47259 Am
Heideberg 61
Merrem Gudrun 47055 Im
Schlenk 80
Mersch Alfred 47198 Schiller- 103
- Antje 47057 Kammer- 136
- Hannelore 47055 Tannen- 18
- Heinz 47055 Tannen- 18
- Irmgard 47053 Immendal 45
- Johann 47229 Reichs- 21a
- Leo 47167 Holtener- 228
- Ludwig 47051 Mosel- 43
- Reinhard 47198 Schiller- 103
Merschbrock-Brandlner Manuela
47259 Braunlager- 20
Merschjohann Annegret
47178 Johanniterweg 12
- Elisabeth 47179 Postillion- 59
- Emmi 47279 Dirschauer Weg 21
- Günter 47279 Dirschauer Weg 21
- Günter 47178 Johanniterweg 12
- Hannelore 47169 Dahlmann- 47
- Josef 47179 Atropshof 5
- Norbert 47169 Ital- 15
- Rudolf 47169 Dahlmann- 47
- Stefanie 47178 Johanniterweg 12
Merschmann Werner
47053 Krummenhak- 22
Merse Christel 47057 Pappen- 35
- Guido 47167 Albert-Einstein- 13
- Hermann 47057 Gneisenau- 263
- Irmgard 47057 Pappen- 35
- Thomas 47057 Gneisenau- 263
- Thomas 47057 Pappen- 35
Merseburg Egon
47137 Kückendell- 1a
- Monika 47137 Kückendell- 1a
Mersin Ayhan 47178 Franz-Lenze- 86
- Ilknur 47178 Franz-Lenze- 86
- Nesliash 47166 Lessing- 47
- Sebahat 47139 Mühlenkamp- 4
Mersiovsky Christa
47137 Schliemann- 5
- Edith 47057 Kolonie- 119
- Herbert 47137 Schliemann- 5
Mersmann Emma 47137 Gerhard- 47
- Maria 47053 Heer- 240
- Marlene 47058 Martin- 9
Mert Ali 47169 Am Kiebitzberg 3
- Ali 47279 Kurt-Heintze- 63
- Ayse 47166 Reiner- 35
- Ayse 47169 Wiesen- 75
- Aysel 47229 Gutenberg- 33
- Aytan 47179 Hafen- 157
- Cimen 47178 Franz-Lenze- 96
- Demet 47178 Franz-Lenze- 96
- Emine 47169 Am Kiebitzberg 3
- Erhan 47178 Cherusker- 9
- Etem 47166 Ottokar- 13
- Fatime 47169 Seydlitz- 56
- Fatma 47178 Franz-Lenze- 96
- Fatma 47053 Heer- 298
- Hatice 47178 Cherusker- 9
- Hülya 47053 Heer- 292
- Irfanne 47229 Gutenberg- 33
- Ilknur 47166 Diesel- 26
- Kerim 47053 Heer- 298
- Kezban 47053 Rheinhauser- 162
- Lacin 47169 Seydlitz- 56
- Mehmet 47169 Seydlitz- 56
- Mehmet 47053 Rheinhauser- 162
- Melahat 47169 Seydlitz- 56
- Mesut 47178 Franz-Lenze- 96
- Metin 47166 Ottokar- 13
- Müjgan 47229 Joseph-Haydn- 24
- Murat 47279 Kurt-Heintze- 63
- Muttalip 47053 Rheinhauser- 162
- Mustafa 47053 Gitschiner- 90
- Mustafa 47169 Seydlitz- 56
- Necati 47169 Wieseler- 116
- Nurettin 47053 Heer- 20
- Nurettin 47279 Kurt-Heintze- 63
- Özel 47179 Hafen- 157
- Ozrur 47169 Wieseler- 116
- Penbe 47166 Diesel- 26
- Recep 47169 Wiesen- 75
- Rüstem 47226 Kranz- 36
- Sabahattin 47169 Seydlitz- 56
- Sefik 47169 Seydlitz- 56
- Sennur 47169 Seydlitz- 56
- Tahir 47229 Joseph-Haydn- 24
- Tülay 47229 Joseph-Haydn- 24
- Turgay 47166 Diesel- 26
- Yeter 47169 Am Kiebitzberg 3
- Yeter 47169 Wieseler- 116
- Zahide 47169 Seydlitz- 56
Merta Lenchen 47051 Musfeld- 30
Mertchevskaia Rita 47179 Dr.-
Wilhelm-Roelen- 433
Merten Adelheid 47259 Über dem
Bruch 24
- Andrea 47057 Tulpen- 8
- Andreas 47137 Regenberga- 32
- Andreas 47119 Am Tollberg 30
- Bärbel 47228 Uhr- 14
- Bernhard 47137 Bronkhorst- 131
- Brunhilde 47119 Marrnont 1
- Christel 47198 Otto- 20
- Dieter 47166 Hans-Sachs- 67
- Doris 47169 Wilfried- 66
- Doris 47119 Weilrich- 6
- Else 47169 Waldecker- 33
- Frank 47051 Sneemann- 2
- Gabriele 47167 Gerling- 178
Einwohner
Namen-Teil
A-DU	Gewerbebetriebe/Dienstleister nach Namen – siehe gelber Teil
